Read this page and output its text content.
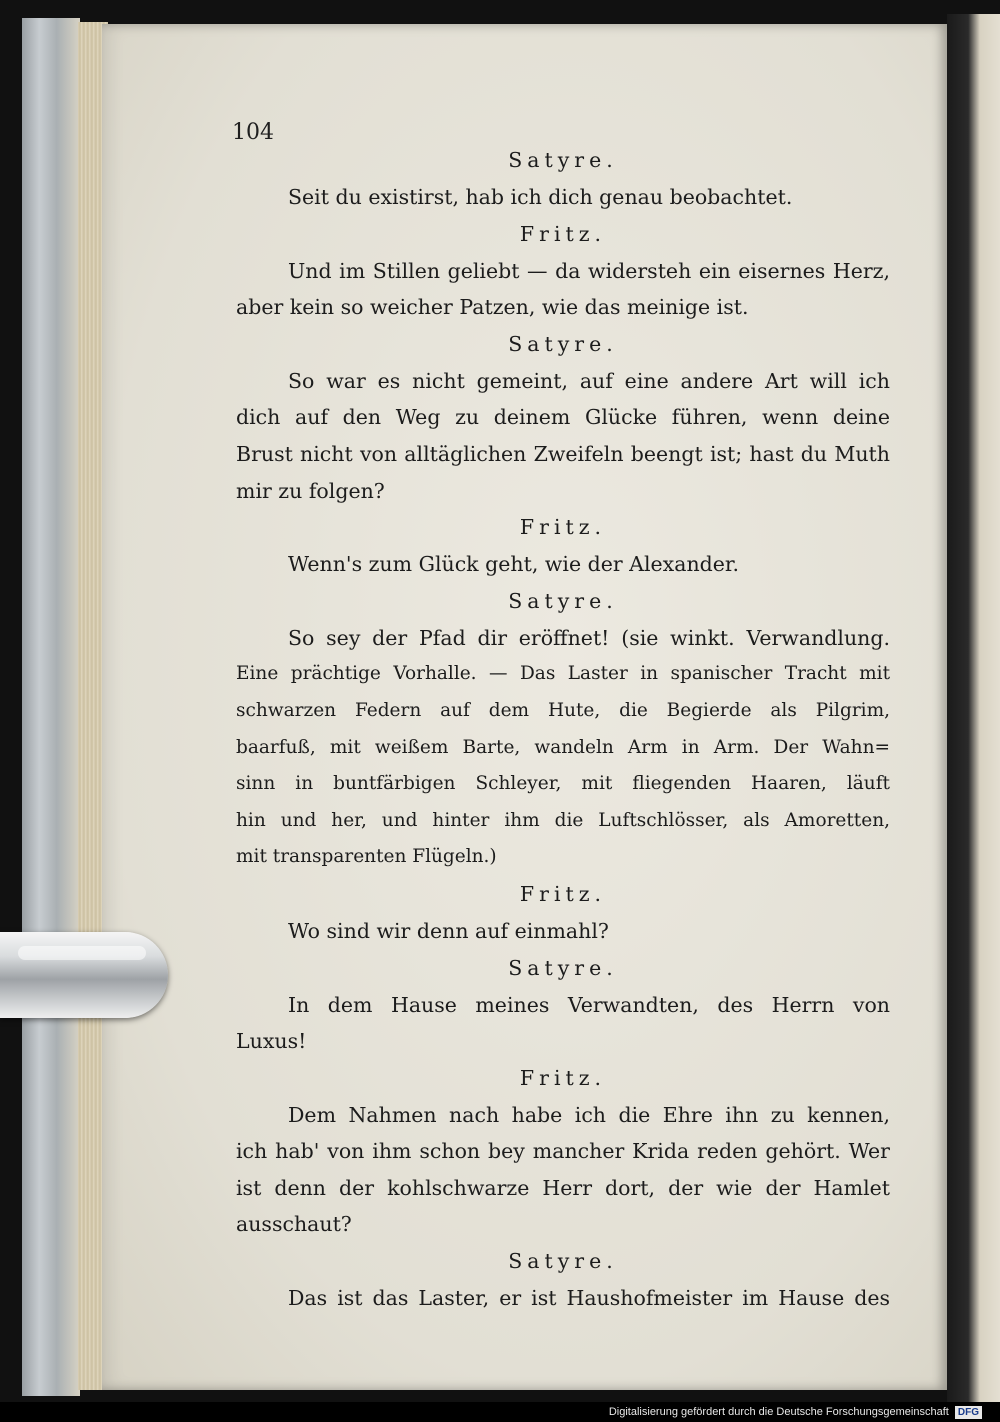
104
Satyre.
Seit du existirst, hab ich dich genau beobachtet.
Fritz.
Und im Stillen geliebt — da widersteh ein eisernes Herz,
aber kein so weicher Patzen, wie das meinige ist.
Satyre.
So war es nicht gemeint, auf eine andere Art will ich
dich auf den Weg zu deinem Glücke führen, wenn deine
Brust nicht von alltäglichen Zweifeln beengt ist; hast du Muth
mir zu folgen?
Fritz.
Wenn's zum Glück geht, wie der Alexander.
Satyre.
So sey der Pfad dir eröffnet! (sie winkt. Verwandlung.
Eine prächtige Vorhalle. — Das Laster in spanischer Tracht mit
schwarzen Federn auf dem Hute, die Begierde als Pilgrim,
baarfuß, mit weißem Barte, wandeln Arm in Arm. Der Wahn=
sinn in buntfärbigen Schleyer, mit fliegenden Haaren, läuft
hin und her, und hinter ihm die Luftschlösser, als Amoretten,
mit transparenten Flügeln.)
Fritz.
Wo sind wir denn auf einmahl?
Satyre.
In dem Hause meines Verwandten, des Herrn von
Luxus!
Fritz.
Dem Nahmen nach habe ich die Ehre ihn zu kennen,
ich hab' von ihm schon bey mancher Krida reden gehört. Wer
ist denn der kohlschwarze Herr dort, der wie der Hamlet
ausschaut?
Satyre.
Das ist das Laster, er ist Haushofmeister im Hause des
Digitalisierung gefördert durch die Deutsche Forschungsgemeinschaft DFG
